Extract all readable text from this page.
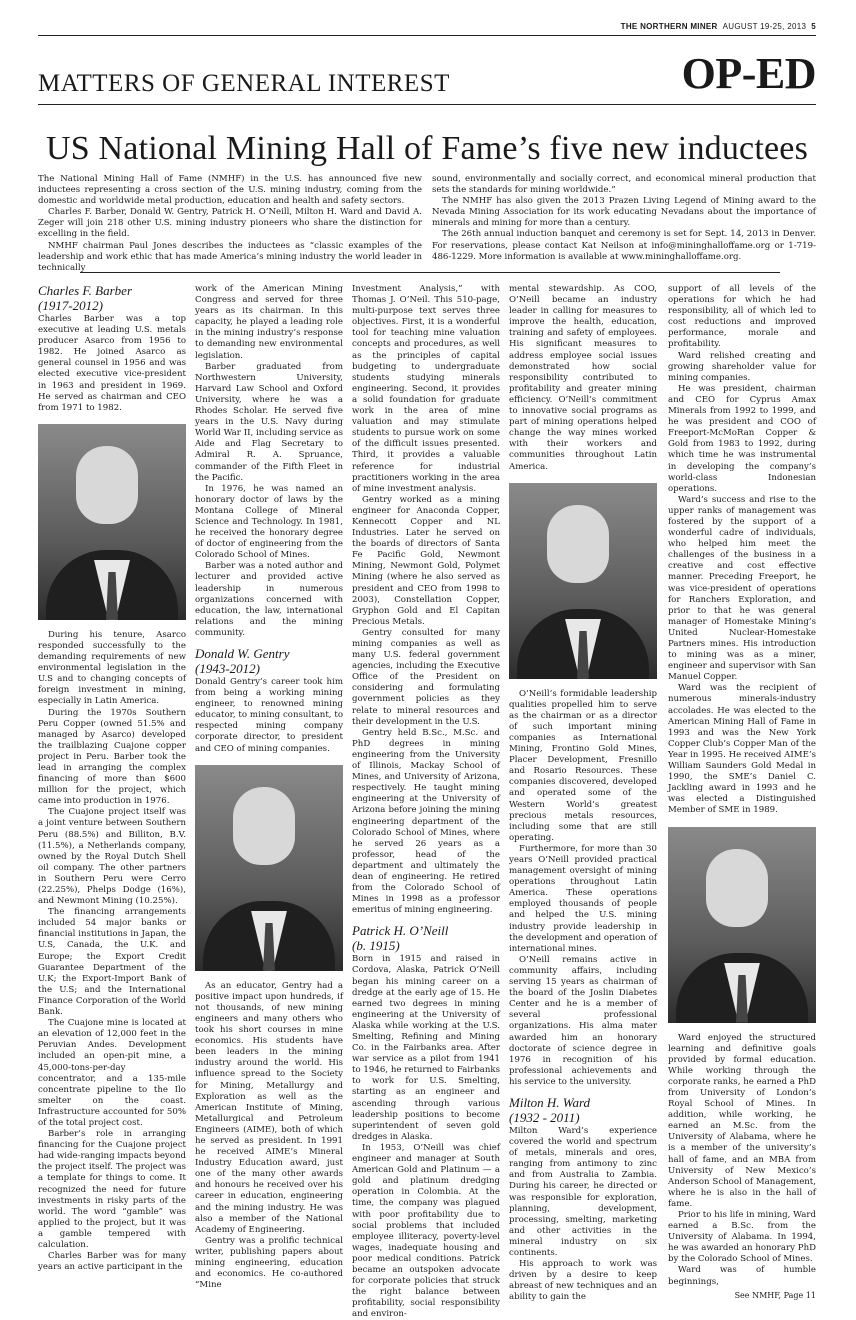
THE NORTHERN MINER AUGUST 19-25, 2013 5
MATTERS OF GENERAL INTEREST	OP-ED
US National Mining Hall of Fame’s five new inductees

The National Mining Hall of Fame (NMHF) in the U.S. has announced five new inductees representing a cross section of the U.S. mining industry, coming from the domestic and worldwide metal production, education and health and safety sectors.

Charles F. Barber, Donald W. Gentry, Patrick H. O’Neill, Milton H. Ward and David A. Zeger will join 218 other U.S. mining industry pioneers who share the distinction for excelling in the field.

NMHF chairman Paul Jones describes the inductees as “classic examples of the leadership and work ethic that has made America’s mining industry the world leader in technically

sound, environmentally and socially correct, and economical mineral production that sets the standards for mining worldwide.”

The NMHF has also given the 2013 Prazen Living Legend of Mining award to the Nevada Mining Association for its work educating Nevadans about the importance of minerals and mining for more than a century.

The 26th annual induction banquet and ceremony is set for Sept. 14, 2013 in Denver. For reservations, please contact Kat Neilson at info@mininghalloffame.org or 1-719-486-1229. More information is available at www.mininghalloffame.org.

Charles F. Barber
(1917-2012)

Charles Barber was a top executive at leading U.S. metals producer Asarco from 1956 to 1982. He joined Asarco as general counsel in 1956 and was elected executive vice-president in 1963 and president in 1969. He served as chairman and CEO from 1971 to 1982.

During his tenure, Asarco responded successfully to the demanding requirements of new environmental legislation in the U.S and to changing concepts of foreign investment in mining, especially in Latin America.

During the 1970s Southern Peru Copper (owned 51.5% and managed by Asarco) developed the trailblazing Cuajone copper project in Peru. Barber took the lead in arranging the complex financing of more than $600 million for the project, which came into production in 1976.

The Cuajone project itself was a joint venture between Southern Peru (88.5%) and Billiton, B.V. (11.5%), a Netherlands company, owned by the Royal Dutch Shell oil company. The other partners in Southern Peru were Cerro (22.25%), Phelps Dodge (16%), and Newmont Mining (10.25%).

The financing arrangements included 54 major banks or financial institutions in Japan, the U.S, Canada, the U.K. and Europe; the Export Credit Guarantee Department of the U.K; the Export-Import Bank of the U.S; and the International Finance Corporation of the World Bank.

The Cuajone mine is located at an elevation of 12,000 feet in the Peruvian Andes. Development included an open-pit mine, a 45,000-tons-per-day concentrator, and a 135-mile concentrate pipeline to the Ilo smelter on the coast. Infrastructure accounted for 50% of the total project cost.

Barber’s role in arranging financing for the Cuajone project had wide-ranging impacts beyond the project itself. The project was a template for things to come. It recognized the need for future investments in risky parts of the world. The word “gamble” was applied to the project, but it was a gamble tempered with calculation.

Charles Barber was for many years an active participant in the

work of the American Mining Congress and served for three years as its chairman. In this capacity, he played a leading role in the mining industry’s response to demanding new environmental legislation.

Barber graduated from Northwestern University, Harvard Law School and Oxford University, where he was a Rhodes Scholar. He served five years in the U.S. Navy during World War II, including service as Aide and Flag Secretary to Admiral R. A. Spruance, commander of the Fifth Fleet in the Pacific.

In 1976, he was named an honorary doctor of laws by the Montana College of Mineral Science and Technology. In 1981, he received the honorary degree of doctor of engineering from the Colorado School of Mines.

Barber was a noted author and lecturer and provided active leadership in numerous organizations concerned with education, the law, international relations and the mining community.

Donald W. Gentry
(1943-2012)

Donald Gentry’s career took him from being a working mining engineer, to renowned mining educator, to mining consultant, to respected mining company corporate director, to president and CEO of mining companies.

As an educator, Gentry had a positive impact upon hundreds, if not thousands, of new mining engineers and many others who took his short courses in mine economics. His students have been leaders in the mining industry around the world. His influence spread to the Society for Mining, Metallurgy and Exploration as well as the American Institute of Mining, Metallurgical and Petroleum Engineers (AIME), both of which he served as president. In 1991 he received AIME’s Mineral Industry Education award, just one of the many other awards and honours he received over his career in education, engineering and the mining industry. He was also a member of the National Academy of Engineering.

Gentry was a prolific technical writer, publishing papers about mining engineering, education and economics. He co-authored “Mine

Investment Analysis,” with Thomas J. O’Neil. This 510-page, multi-purpose text serves three objectives. First, it is a wonderful tool for teaching mine valuation concepts and procedures, as well as the principles of capital budgeting to undergraduate students studying minerals engineering. Second, it provides a solid foundation for graduate work in the area of mine valuation and may stimulate students to pursue work on some of the difficult issues presented. Third, it provides a valuable reference for industrial practitioners working in the area of mine investment analysis.

Gentry worked as a mining engineer for Anaconda Copper, Kennecott Copper and NL Industries. Later he served on the boards of directors of Santa Fe Pacific Gold, Newmont Mining, Newmont Gold, Polymet Mining (where he also served as president and CEO from 1998 to 2003), Constellation Copper, Gryphon Gold and El Capitan Precious Metals.

Gentry consulted for many mining companies as well as many U.S. federal government agencies, including the Executive Office of the President on considering and formulating government policies as they relate to mineral resources and their development in the U.S.

Gentry held B.Sc., M.Sc. and PhD degrees in mining engineering from the University of Illinois, Mackay School of Mines, and University of Arizona, respectively. He taught mining engineering at the University of Arizona before joining the mining engineering department of the Colorado School of Mines, where he served 26 years as a professor, head of the department and ultimately the dean of engineering. He retired from the Colorado School of Mines in 1998 as a professor emeritus of mining engineering.

Patrick H. O’Neill
(b. 1915)

Born in 1915 and raised in Cordova, Alaska, Patrick O’Neill began his mining career on a dredge at the early age of 15. He earned two degrees in mining engineering at the University of Alaska while working at the U.S. Smelting, Refining and Mining Co. in the Fairbanks area. After war service as a pilot from 1941 to 1946, he returned to Fairbanks to work for U.S. Smelting, starting as an engineer and ascending through various leadership positions to become superintendent of seven gold dredges in Alaska.

In 1953, O’Neill was chief engineer and manager at South American Gold and Platinum — a gold and platinum dredging operation in Colombia. At the time, the company was plagued with poor profitability due to social problems that included employee illiteracy, poverty-level wages, inadequate housing and poor medical conditions. Patrick became an outspoken advocate for corporate policies that struck the right balance between profitability, social responsibility and environ-

mental stewardship. As COO, O’Neill became an industry leader in calling for measures to improve the health, education, training and safety of employees. His significant measures to address employee social issues demonstrated how social responsibility contributed to profitability and greater mining efficiency. O’Neill’s commitment to innovative social programs as part of mining operations helped change the way mines worked with their workers and communities throughout Latin America.

O’Neill’s formidable leadership qualities propelled him to serve as the chairman or as a director of such important mining companies as International Mining, Frontino Gold Mines, Placer Development, Fresnillo and Rosario Resources. These companies discovered, developed and operated some of the Western World’s greatest precious metals resources, including some that are still operating.

Furthermore, for more than 30 years O’Neill provided practical management oversight of mining operations throughout Latin America. These operations employed thousands of people and helped the U.S. mining industry provide leadership in the development and operation of international mines.

O’Neill remains active in community affairs, including serving 15 years as chairman of the board of the Joslin Diabetes Center and he is a member of several professional organizations. His alma mater awarded him an honorary doctorate of science degree in 1976 in recognition of his professional achievements and his service to the university.

Milton H. Ward
(1932 - 2011)

Milton Ward’s experience covered the world and spectrum of metals, minerals and ores, ranging from antimony to zinc and from Australia to Zambia. During his career, he directed or was responsible for exploration, planning, development, processing, smelting, marketing and other activities in the mineral industry on six continents.

His approach to work was driven by a desire to keep abreast of new techniques and an ability to gain the

support of all levels of the operations for which he had responsibility, all of which led to cost reductions and improved performance, morale and profitability.

Ward relished creating and growing shareholder value for mining companies.

He was president, chairman and CEO for Cyprus Amax Minerals from 1992 to 1999, and he was president and COO of Freeport-McMoRan Copper & Gold from 1983 to 1992, during which time he was instrumental in developing the company’s world-class Indonesian operations.

Ward’s success and rise to the upper ranks of management was fostered by the support of a wonderful cadre of individuals, who helped him meet the challenges of the business in a creative and cost effective manner. Preceding Freeport, he was vice-president of operations for Ranchers Exploration, and prior to that he was general manager of Homestake Mining’s United Nuclear-Homestake Partners mines. His introduction to mining was as a miner, engineer and supervisor with San Manuel Copper.

Ward was the recipient of numerous minerals-industry accolades. He was elected to the American Mining Hall of Fame in 1993 and was the New York Copper Club’s Copper Man of the Year in 1995. He received AIME’s William Saunders Gold Medal in 1990, the SME’s Daniel C. Jackling award in 1993 and he was elected a Distinguished Member of SME in 1989.

Ward enjoyed the structured learning and definitive goals provided by formal education. While working through the corporate ranks, he earned a PhD from University of London’s Royal School of Mines. In addition, while working, he earned an M.Sc. from the University of Alabama, where he is a member of the university’s hall of fame, and an MBA from University of New Mexico’s Anderson School of Management, where he is also in the hall of fame.

Prior to his life in mining, Ward earned a B.Sc. from the University of Alabama. In 1994, he was awarded an honorary PhD by the Colorado School of Mines.

Ward was of humble beginnings,

See NMHF, Page 11
